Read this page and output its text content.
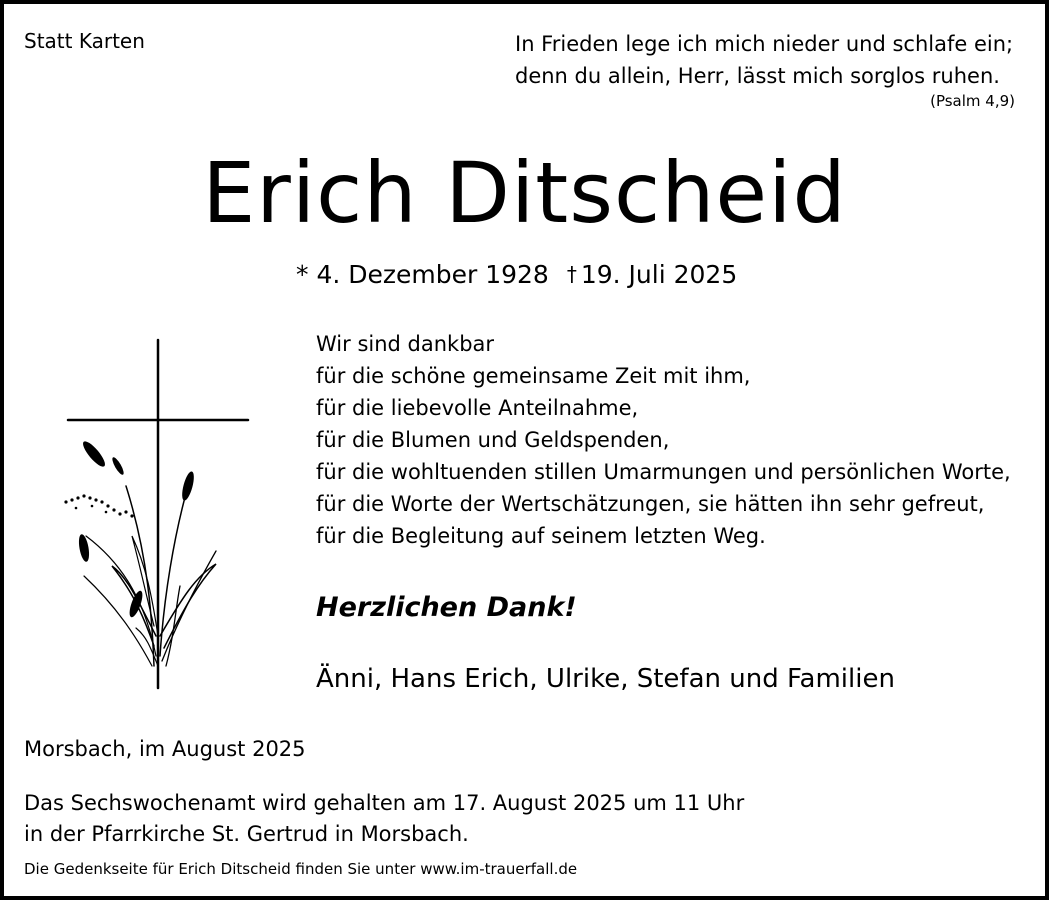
Statt Karten	In Frieden lege ich mich nieder und schlafe ein;
denn du allein, Herr, lässt mich sorglos ruhen.
(Psalm 4,9)
Erich Ditscheid
* 4. Dezember 1928 † 19. Juli 2025
Wir sind dankbar
für die schöne gemeinsame Zeit mit ihm,
für die liebevolle Anteilnahme,
für die Blumen und Geldspenden,
für die wohltuenden stillen Umarmungen und persönlichen Worte,
für die Worte der Wertschätzungen, sie hätten ihn sehr gefreut,
für die Begleitung auf seinem letzten Weg.
Herzlichen Dank!
Änni, Hans Erich, Ulrike, Stefan und Familien
Morsbach, im August 2025
Das Sechswochenamt wird gehalten am 17. August 2025 um 11 Uhr
in der Pfarrkirche St. Gertrud in Morsbach.
Die Gedenkseite für Erich Ditscheid finden Sie unter www.im-trauerfall.de
